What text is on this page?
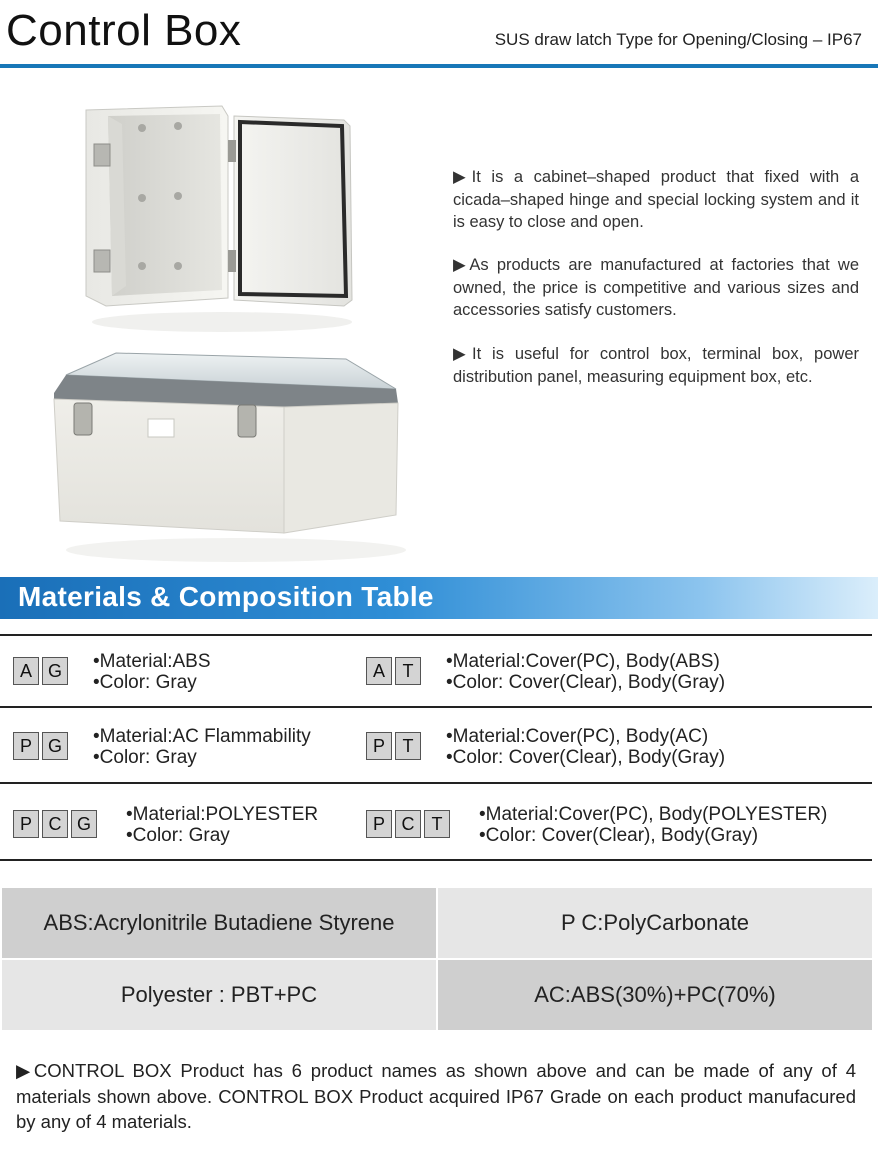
Control Box	SUS draw latch Type for Opening/Closing – IP67
▶It is a cabinet–shaped product that fixed with a cicada–shaped hinge and special locking system and it is easy to close and open.
▶As products are manufactured at factories that we owned, the price is competitive and various sizes and accessories satisfy customers.
▶It is useful for control box, terminal box, power distribution panel, measuring equipment box, etc.
Materials & Composition Table
A G	•Material:ABS
•Color: Gray
A T	•Material:Cover(PC), Body(ABS)
•Color: Cover(Clear), Body(Gray)
P G	•Material:AC Flammability
•Color: Gray
P T	•Material:Cover(PC), Body(AC)
•Color: Cover(Clear), Body(Gray)
P C G	•Material:POLYESTER
•Color: Gray
P C T	•Material:Cover(PC), Body(POLYESTER)
•Color: Cover(Clear), Body(Gray)
ABS:Acrylonitrile Butadiene Styrene	P C:PolyCarbonate
Polyester : PBT+PC	AC:ABS(30%)+PC(70%)
▶CONTROL BOX Product has 6 product names as shown above and can be made of any of 4 materials shown above. CONTROL BOX Product acquired IP67 Grade on each product manufacured by any of 4 materials.
